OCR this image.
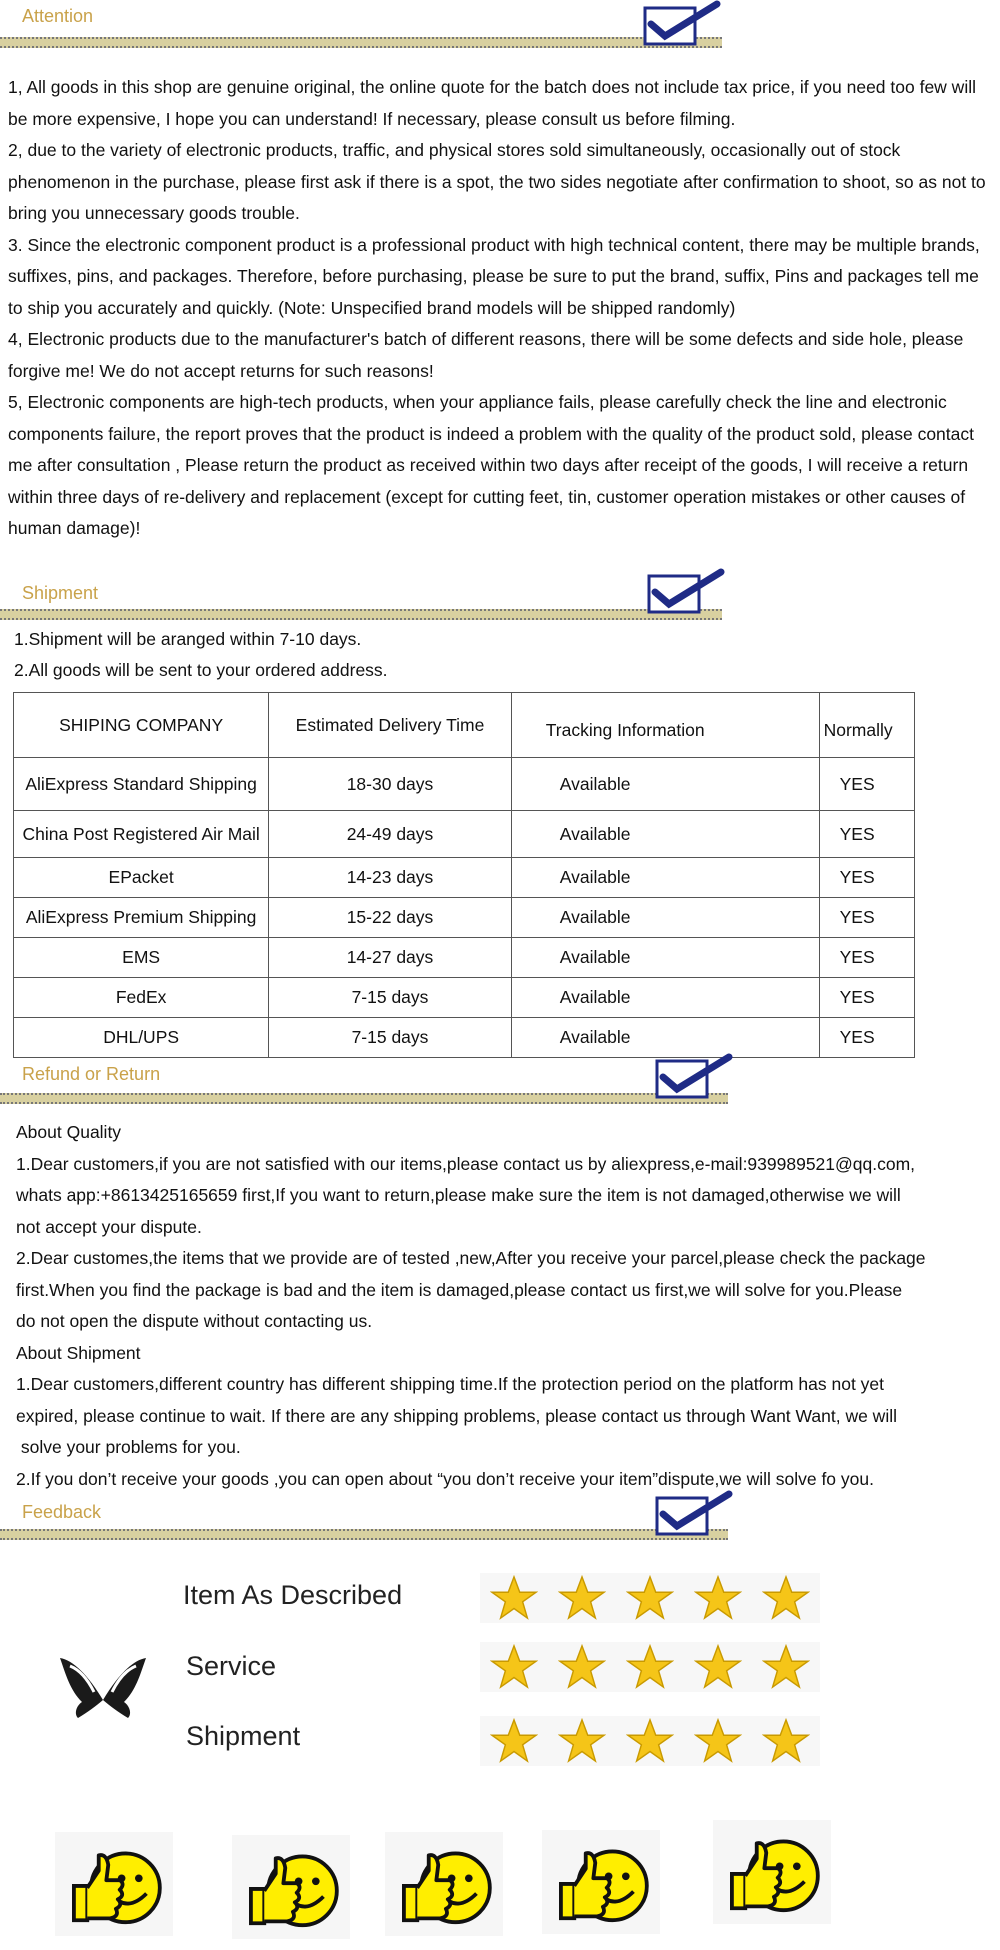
Attention

1, All goods in this shop are genuine original, the online quote for the batch does not include tax price, if you need too few will be more expensive, I hope you can understand! If necessary, please consult us before filming.

2, due to the variety of electronic products, traffic, and physical stores sold simultaneously, occasionally out of stock phenomenon in the purchase, please first ask if there is a spot, the two sides negotiate after confirmation to shoot, so as not to bring you unnecessary goods trouble.

3. Since the electronic component product is a professional product with high technical content, there may be multiple brands, suffixes, pins, and packages. Therefore, before purchasing, please be sure to put the brand, suffix, Pins and packages tell me to ship you accurately and quickly. (Note: Unspecified brand models will be shipped randomly)

4, Electronic products due to the manufacturer's batch of different reasons, there will be some defects and side hole, please forgive me! We do not accept returns for such reasons!

5, Electronic components are high-tech products, when your appliance fails, please carefully check the line and electronic components failure, the report proves that the product is indeed a problem with the quality of the product sold, please contact me after consultation , Please return the product as received within two days after receipt of the goods, I will receive a return within three days of re-delivery and replacement (except for cutting feet, tin, customer operation mistakes or other causes of human damage)!

Shipment

1.Shipment will be aranged within 7-10 days.

2.All goods will be sent to your ordered address.

SHIPING COMPANY	Estimated Delivery Time	Tracking Information	Normally
AliExpress Standard Shipping	18-30 days	Available	YES
China Post Registered Air Mail	24-49 days	Available	YES
EPacket	14-23 days	Available	YES
AliExpress Premium Shipping	15-22 days	Available	YES
EMS	14-27 days	Available	YES
FedEx	7-15 days	Available	YES
DHL/UPS	7-15 days	Available	YES
Refund or Return

About Quality

1.Dear customers,if you are not satisfied with our items,please contact us by aliexpress,e-mail:939989521@qq.com,

whats app:+8613425165659 first,If you want to return,please make sure the item is not damaged,otherwise we will

not accept your dispute.

2.Dear customes,the items that we provide are of tested ,new,After you receive your parcel,please check the package

first.When you find the package is bad and the item is damaged,please contact us first,we will solve for you.Please

do not open the dispute without contacting us.

About Shipment

1.Dear customers,different country has different shipping time.If the protection period on the platform has not yet

expired, please continue to wait. If there are any shipping problems, please contact us through Want Want, we will

solve your problems for you.

2.If you don’t receive your goods ,you can open about “you don’t receive your item”dispute,we will solve fo you.

Feedback
Item As Described
Service
Shipment
